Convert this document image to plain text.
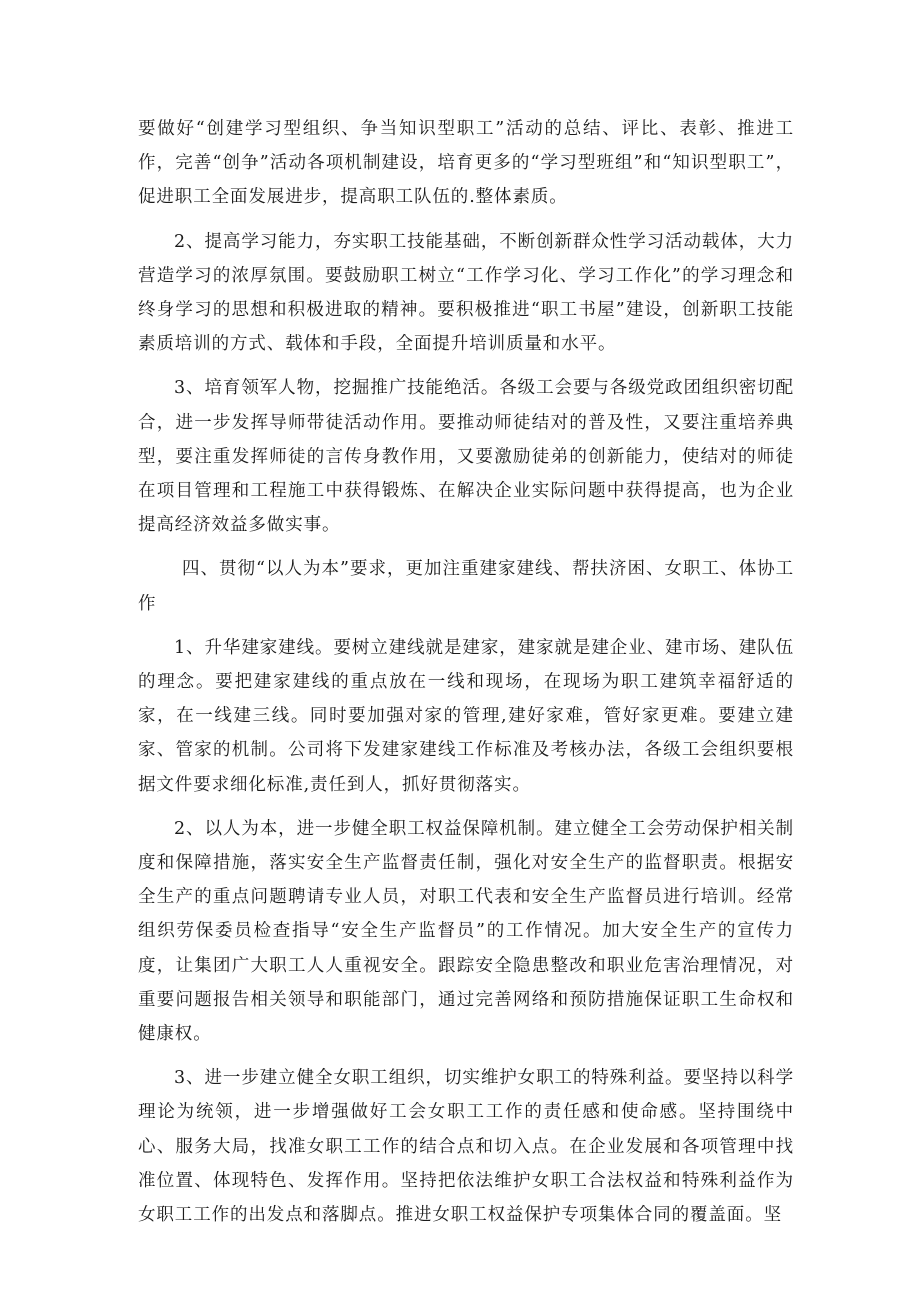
要做好“创建学习型组织、争当知识型职工”活动的总结、评比、表彰、推进工作，完善“创争”活动各项机制建设，培育更多的“学习型班组”和“知识型职工”，促进职工全面发展进步，提高职工队伍的.整体素质。

2、提高学习能力，夯实职工技能基础，不断创新群众性学习活动载体，大力营造学习的浓厚氛围。要鼓励职工树立“工作学习化、学习工作化”的学习理念和终身学习的思想和积极进取的精神。要积极推进“职工书屋”建设，创新职工技能素质培训的方式、载体和手段，全面提升培训质量和水平。

3、培育领军人物，挖掘推广技能绝活。各级工会要与各级党政团组织密切配合，进一步发挥导师带徒活动作用。要推动师徒结对的普及性，又要注重培养典型，要注重发挥师徒的言传身教作用，又要激励徒弟的创新能力，使结对的师徒在项目管理和工程施工中获得锻炼、在解决企业实际问题中获得提高，也为企业提高经济效益多做实事。

四、贯彻“以人为本”要求，更加注重建家建线、帮扶济困、女职工、体协工作

1、升华建家建线。要树立建线就是建家，建家就是建企业、建市场、建队伍的理念。要把建家建线的重点放在一线和现场，在现场为职工建筑幸福舒适的家，在一线建三线。同时要加强对家的管理,建好家难，管好家更难。要建立建家、管家的机制。公司将下发建家建线工作标准及考核办法，各级工会组织要根据文件要求细化标准,责任到人，抓好贯彻落实。

2、以人为本，进一步健全职工权益保障机制。建立健全工会劳动保护相关制度和保障措施，落实安全生产监督责任制，强化对安全生产的监督职责。根据安全生产的重点问题聘请专业人员，对职工代表和安全生产监督员进行培训。经常组织劳保委员检查指导“安全生产监督员”的工作情况。加大安全生产的宣传力度，让集团广大职工人人重视安全。跟踪安全隐患整改和职业危害治理情况，对重要问题报告相关领导和职能部门，通过完善网络和预防措施保证职工生命权和健康权。

3、进一步建立健全女职工组织，切实维护女职工的特殊利益。要坚持以科学理论为统领，进一步增强做好工会女职工工作的责任感和使命感。坚持围绕中心、服务大局，找准女职工工作的结合点和切入点。在企业发展和各项管理中找准位置、体现特色、发挥作用。坚持把依法维护女职工合法权益和特殊利益作为女职工工作的出发点和落脚点。推进女职工权益保护专项集体合同的覆盖面。坚
